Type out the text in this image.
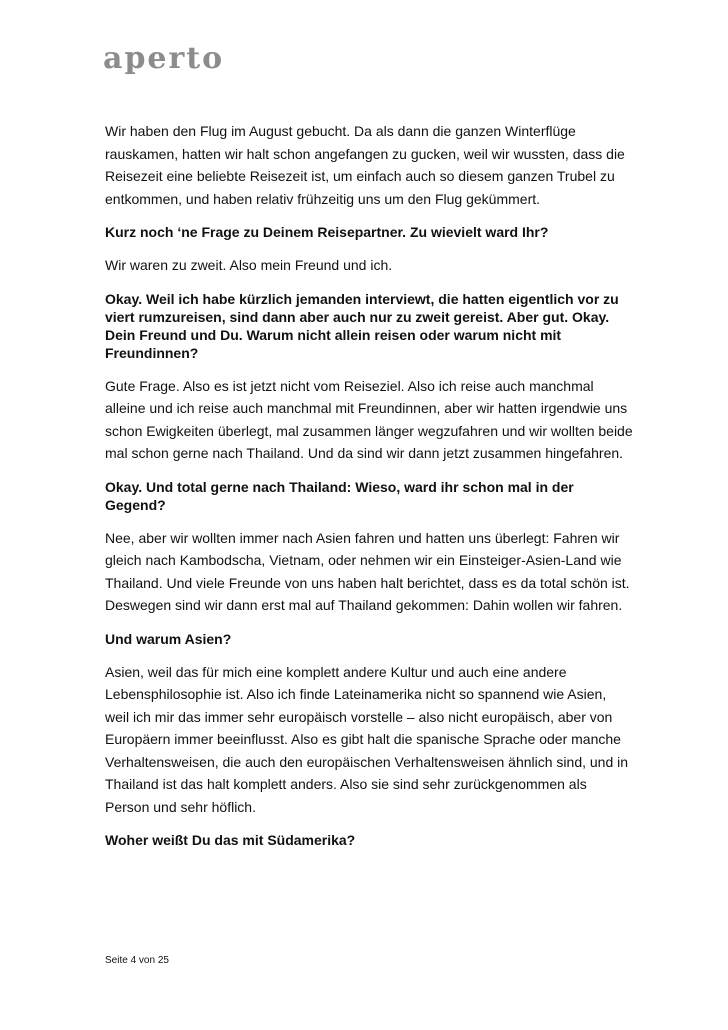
aperto
Wir haben den Flug im August gebucht. Da als dann die ganzen Winterflüge
rauskamen, hatten wir halt schon angefangen zu gucken, weil wir wussten, dass die
Reisezeit eine beliebte Reisezeit ist, um einfach auch so diesem ganzen Trubel zu
entkommen, und haben relativ frühzeitig uns um den Flug gekümmert.
Kurz noch ‘ne Frage zu Deinem Reisepartner. Zu wievielt ward Ihr?
Wir waren zu zweit. Also mein Freund und ich.
Okay. Weil ich habe kürzlich jemanden interviewt, die hatten eigentlich vor zu
viert rumzureisen, sind dann aber auch nur zu zweit gereist. Aber gut. Okay.
Dein Freund und Du. Warum nicht allein reisen oder warum nicht mit
Freundinnen?
Gute Frage. Also es ist jetzt nicht vom Reiseziel. Also ich reise auch manchmal
alleine und ich reise auch manchmal mit Freundinnen, aber wir hatten irgendwie uns
schon Ewigkeiten überlegt, mal zusammen länger wegzufahren und wir wollten beide
mal schon gerne nach Thailand. Und da sind wir dann jetzt zusammen hingefahren.
Okay. Und total gerne nach Thailand: Wieso, ward ihr schon mal in der
Gegend?
Nee, aber wir wollten immer nach Asien fahren und hatten uns überlegt: Fahren wir
gleich nach Kambodscha, Vietnam, oder nehmen wir ein Einsteiger-Asien-Land wie
Thailand. Und viele Freunde von uns haben halt berichtet, dass es da total schön ist.
Deswegen sind wir dann erst mal auf Thailand gekommen: Dahin wollen wir fahren.
Und warum Asien?
Asien, weil das für mich eine komplett andere Kultur und auch eine andere
Lebensphilosophie ist. Also ich finde Lateinamerika nicht so spannend wie Asien,
weil ich mir das immer sehr europäisch vorstelle – also nicht europäisch, aber von
Europäern immer beeinflusst. Also es gibt halt die spanische Sprache oder manche
Verhaltensweisen, die auch den europäischen Verhaltensweisen ähnlich sind, und in
Thailand ist das halt komplett anders. Also sie sind sehr zurückgenommen als
Person und sehr höflich.
Woher weißt Du das mit Südamerika?
Seite 4 von 25
